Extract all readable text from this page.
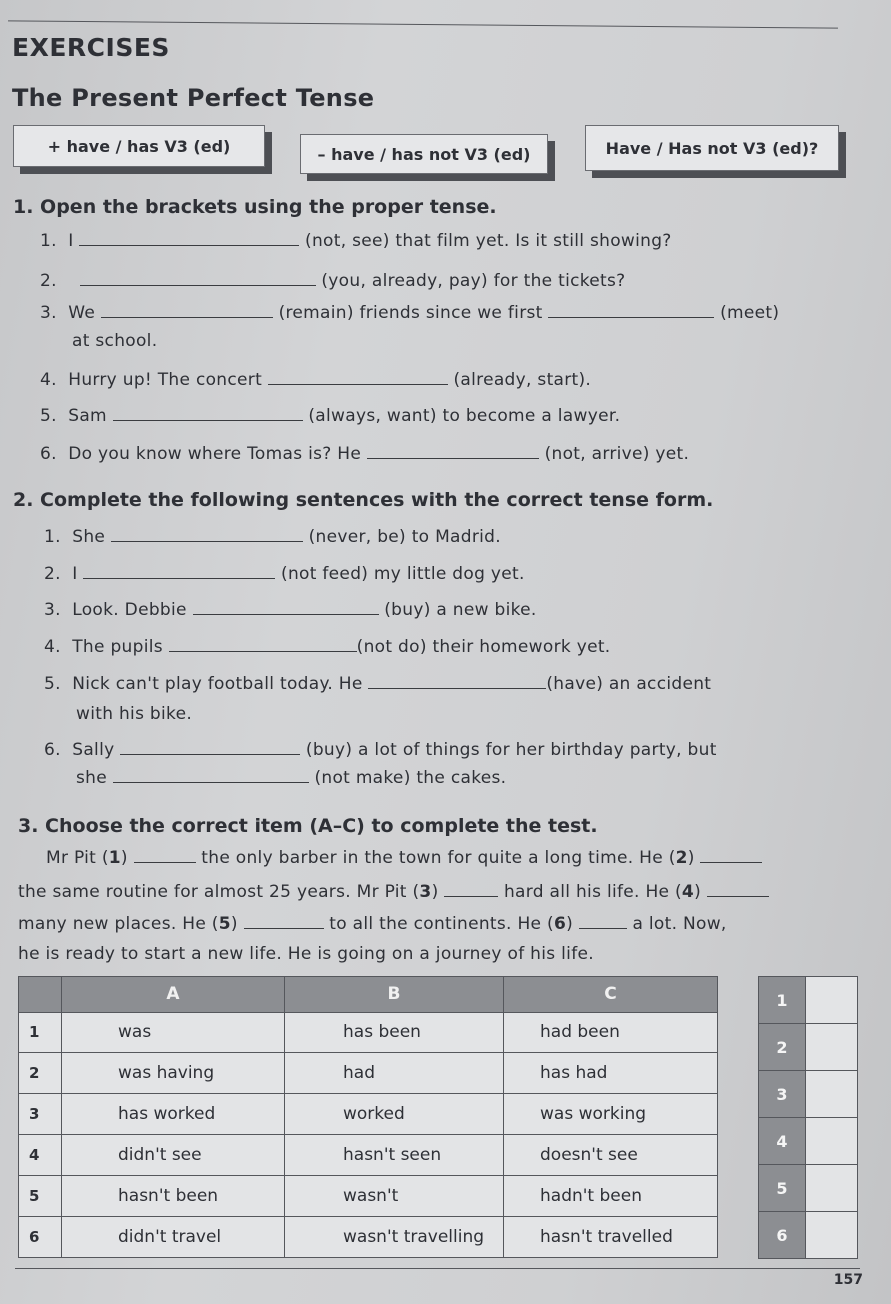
EXERCISES
The Present Perfect Tense
+ have / has V3 (ed)	– have / has not V3 (ed)	Have / Has not V3 (ed)?
1. Open the brackets using the proper tense.
1. I	(not, see) that film yet. Is it still showing?
2.	(you, already, pay) for the tickets?
3. We	(remain) friends since we first	(meet)
at school.
4. Hurry up! The concert	(already, start).
5. Sam	(always, want) to become a lawyer.
6. Do you know where Tomas is? He	(not, arrive) yet.
2. Complete the following sentences with the correct tense form.
1. She	(never, be) to Madrid.
2. I	(not feed) my little dog yet.
3. Look. Debbie	(buy) a new bike.
4. The pupils	(not do) their homework yet.
5. Nick can't play football today. He	(have) an accident
with his bike.
6. Sally	(buy) a lot of things for her birthday party, but
she	(not make) the cakes.
3. Choose the correct item (A–C) to complete the test.
Mr Pit (1)	the only barber in the town for quite a long time. He (2)
the same routine for almost 25 years. Mr Pit (3)	hard all his life. He (4)
many new places. He (5)	to all the continents. He (6)	a lot. Now,
he is ready to start a new life. He is going on a journey of his life.
	A	B	C
1	was	has been	had been
2	was having	had	has had
3	has worked	worked	was working
4	didn't see	hasn't seen	doesn't see
5	hasn't been	wasn't	hadn't been
6	didn't travel	wasn't travelling	hasn't travelled
1	
2	
3	
4	
5	
6	
157
